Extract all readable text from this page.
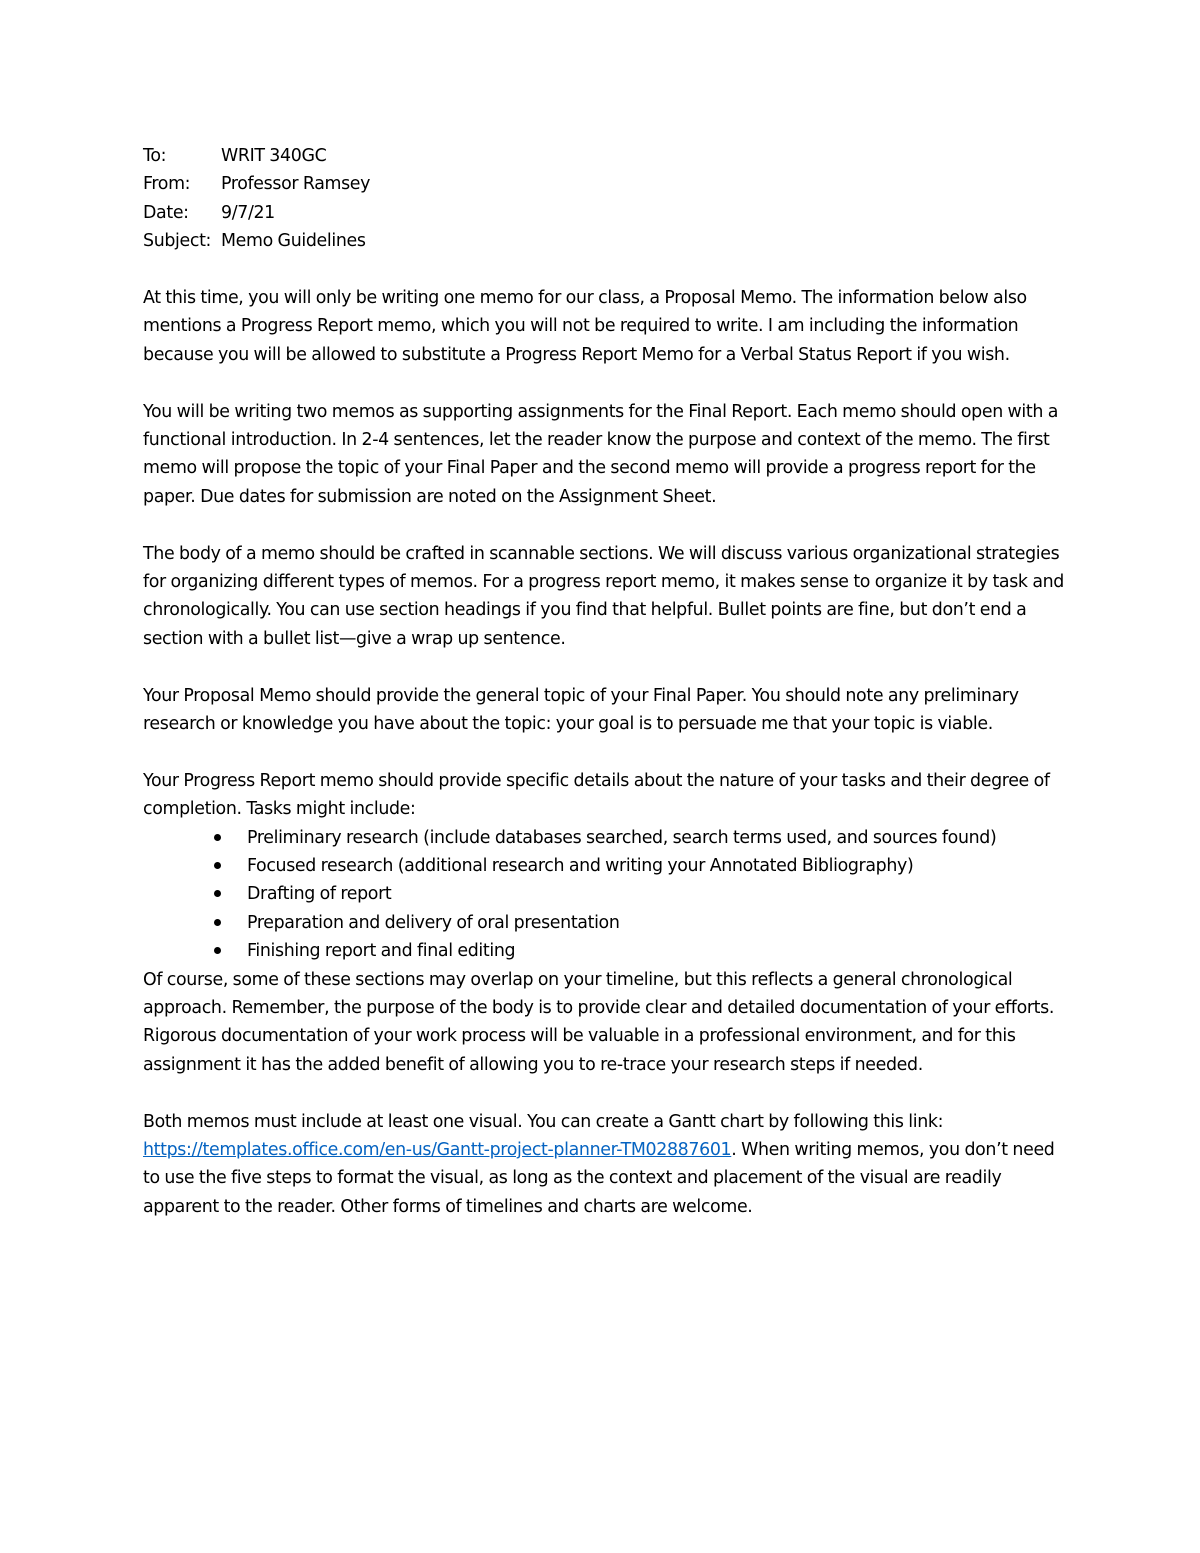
To:	WRIT 340GC
From:	Professor Ramsey
Date:	9/7/21
Subject: Memo Guidelines

At this time, you will only be writing one memo for our class, a Proposal Memo. The information below also mentions a Progress Report memo, which you will not be required to write. I am including the information because you will be allowed to substitute a Progress Report Memo for a Verbal Status Report if you wish.

You will be writing two memos as supporting assignments for the Final Report. Each memo should open with a functional introduction. In 2-4 sentences, let the reader know the purpose and context of the memo. The first memo will propose the topic of your Final Paper and the second memo will provide a progress report for the paper. Due dates for submission are noted on the Assignment Sheet.

The body of a memo should be crafted in scannable sections. We will discuss various organizational strategies for organizing different types of memos. For a progress report memo, it makes sense to organize it by task and chronologically. You can use section headings if you find that helpful. Bullet points are fine, but don’t end a section with a bullet list—give a wrap up sentence.

Your Proposal Memo should provide the general topic of your Final Paper. You should note any preliminary research or knowledge you have about the topic: your goal is to persuade me that your topic is viable.

Your Progress Report memo should provide specific details about the nature of your tasks and their degree of completion. Tasks might include:

Preliminary research (include databases searched, search terms used, and sources found)
Focused research (additional research and writing your Annotated Bibliography)
Drafting of report
Preparation and delivery of oral presentation
Finishing report and final editing

Of course, some of these sections may overlap on your timeline, but this reflects a general chronological approach. Remember, the purpose of the body is to provide clear and detailed documentation of your efforts. Rigorous documentation of your work process will be valuable in a professional environment, and for this assignment it has the added benefit of allowing you to re-trace your research steps if needed.

Both memos must include at least one visual. You can create a Gantt chart by following this link: https://templates.office.com/en-us/Gantt-project-planner-TM02887601. When writing memos, you don’t need to use the five steps to format the visual, as long as the context and placement of the visual are readily apparent to the reader. Other forms of timelines and charts are welcome.
